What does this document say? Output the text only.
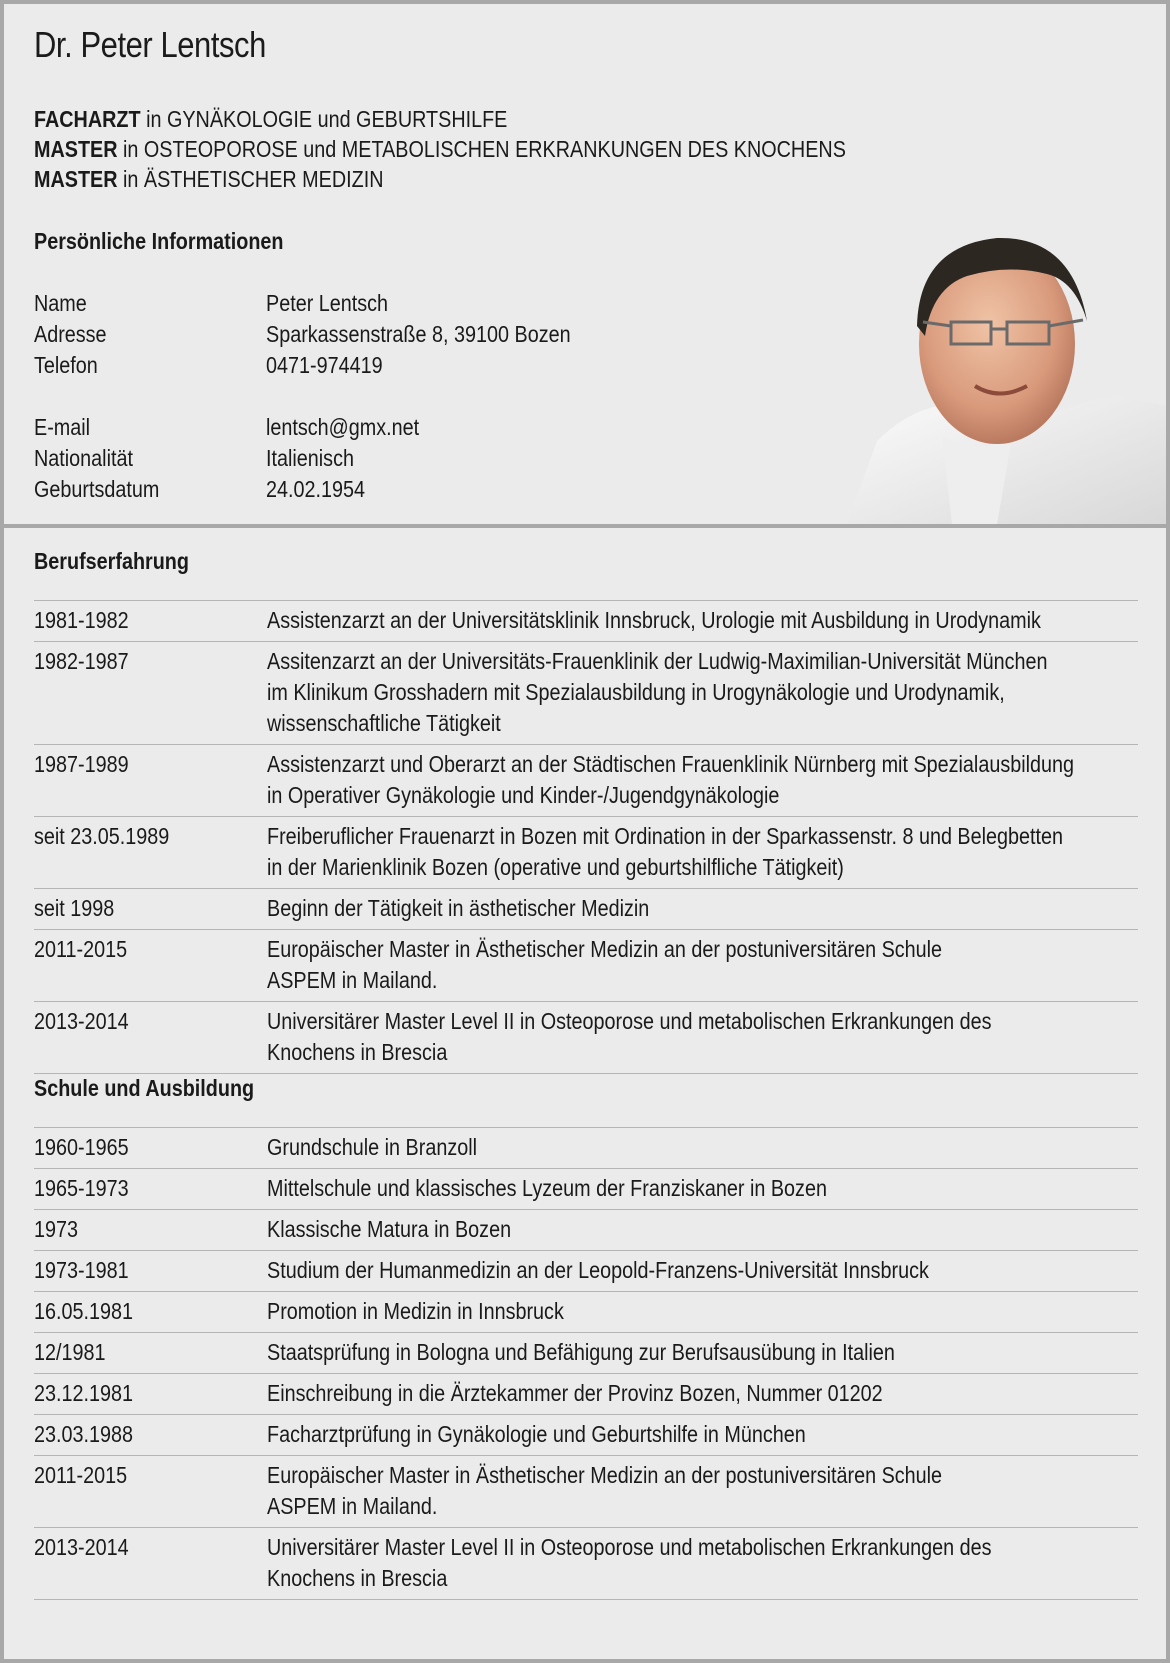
Dr. Peter Lentsch
FACHARZT in GYNÄKOLOGIE und GEBURTSHILFE
MASTER in OSTEOPOROSE und METABOLISCHEN ERKRANKUNGEN DES KNOCHENS
MASTER in ÄSTHETISCHER MEDIZIN
Persönliche Informationen
Name	Peter Lentsch
Adresse	Sparkassenstraße 8, 39100 Bozen
Telefon	0471-974419
E-mail	lentsch@gmx.net
Nationalität	Italienisch
Geburtsdatum	24.02.1954
Berufserfahrung
1981-1982	Assistenzarzt an der Universitätsklinik Innsbruck, Urologie mit Ausbildung in Urodynamik
1982-1987	Assitenzarzt an der Universitäts-Frauenklinik der Ludwig-Maximilian-Universität München
im Klinikum Grosshadern mit Spezialausbildung in Urogynäkologie und Urodynamik,
wissenschaftliche Tätigkeit
1987-1989	Assistenzarzt und Oberarzt an der Städtischen Frauenklinik Nürnberg mit Spezialausbildung
in Operativer Gynäkologie und Kinder-/Jugendgynäkologie
seit 23.05.1989	Freiberuflicher Frauenarzt in Bozen mit Ordination in der Sparkassenstr. 8 und Belegbetten
in der Marienklinik Bozen (operative und geburtshilfliche Tätigkeit)
seit 1998	Beginn der Tätigkeit in ästhetischer Medizin
2011-2015	Europäischer Master in Ästhetischer Medizin an der postuniversitären Schule
ASPEM in Mailand.
2013-2014	Universitärer Master Level II in Osteoporose und metabolischen Erkrankungen des
Knochens in Brescia
Schule und Ausbildung
1960-1965	Grundschule in Branzoll
1965-1973	Mittelschule und klassisches Lyzeum der Franziskaner in Bozen
1973	Klassische Matura in Bozen
1973-1981	Studium der Humanmedizin an der Leopold-Franzens-Universität Innsbruck
16.05.1981	Promotion in Medizin in Innsbruck
12/1981	Staatsprüfung in Bologna und Befähigung zur Berufsausübung in Italien
23.12.1981	Einschreibung in die Ärztekammer der Provinz Bozen, Nummer 01202
23.03.1988	Facharztprüfung in Gynäkologie und Geburtshilfe in München
2011-2015	Europäischer Master in Ästhetischer Medizin an der postuniversitären Schule
ASPEM in Mailand.
2013-2014	Universitärer Master Level II in Osteoporose und metabolischen Erkrankungen des
Knochens in Brescia
